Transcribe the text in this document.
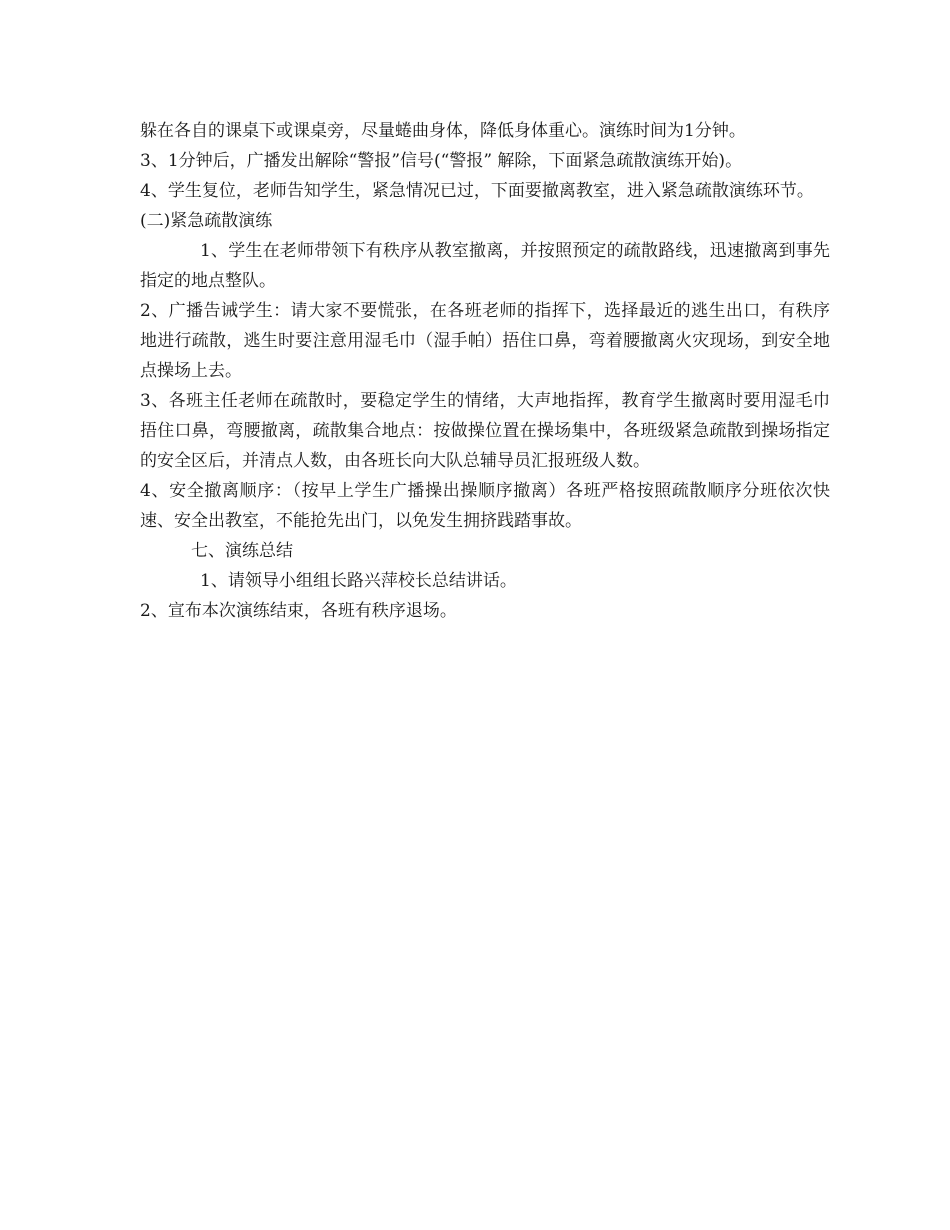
躲在各自的课桌下或课桌旁，尽量蜷曲身体，降低身体重心。演练时间为1分钟。

3、1分钟后，广播发出解除“警报”信号(“警报” 解除，下面紧急疏散演练开始)。

4、学生复位，老师告知学生，紧急情况已过，下面要撤离教室，进入紧急疏散演练环节。

(二)紧急疏散演练

1、学生在老师带领下有秩序从教室撤离，并按照预定的疏散路线，迅速撤离到事先指定的地点整队。

2、广播告诫学生：请大家不要慌张，在各班老师的指挥下，选择最近的逃生出口，有秩序地进行疏散，逃生时要注意用湿毛巾（湿手帕）捂住口鼻，弯着腰撤离火灾现场，到安全地点操场上去。

3、各班主任老师在疏散时，要稳定学生的情绪，大声地指挥，教育学生撤离时要用湿毛巾捂住口鼻，弯腰撤离，疏散集合地点：按做操位置在操场集中，各班级紧急疏散到操场指定的安全区后，并清点人数，由各班长向大队总辅导员汇报班级人数。

4、安全撤离顺序：（按早上学生广播操出操顺序撤离）各班严格按照疏散顺序分班依次快速、安全出教室，不能抢先出门，以免发生拥挤践踏事故。

七、演练总结

1、请领导小组组长路兴萍校长总结讲话。

2、宣布本次演练结束，各班有秩序退场。
